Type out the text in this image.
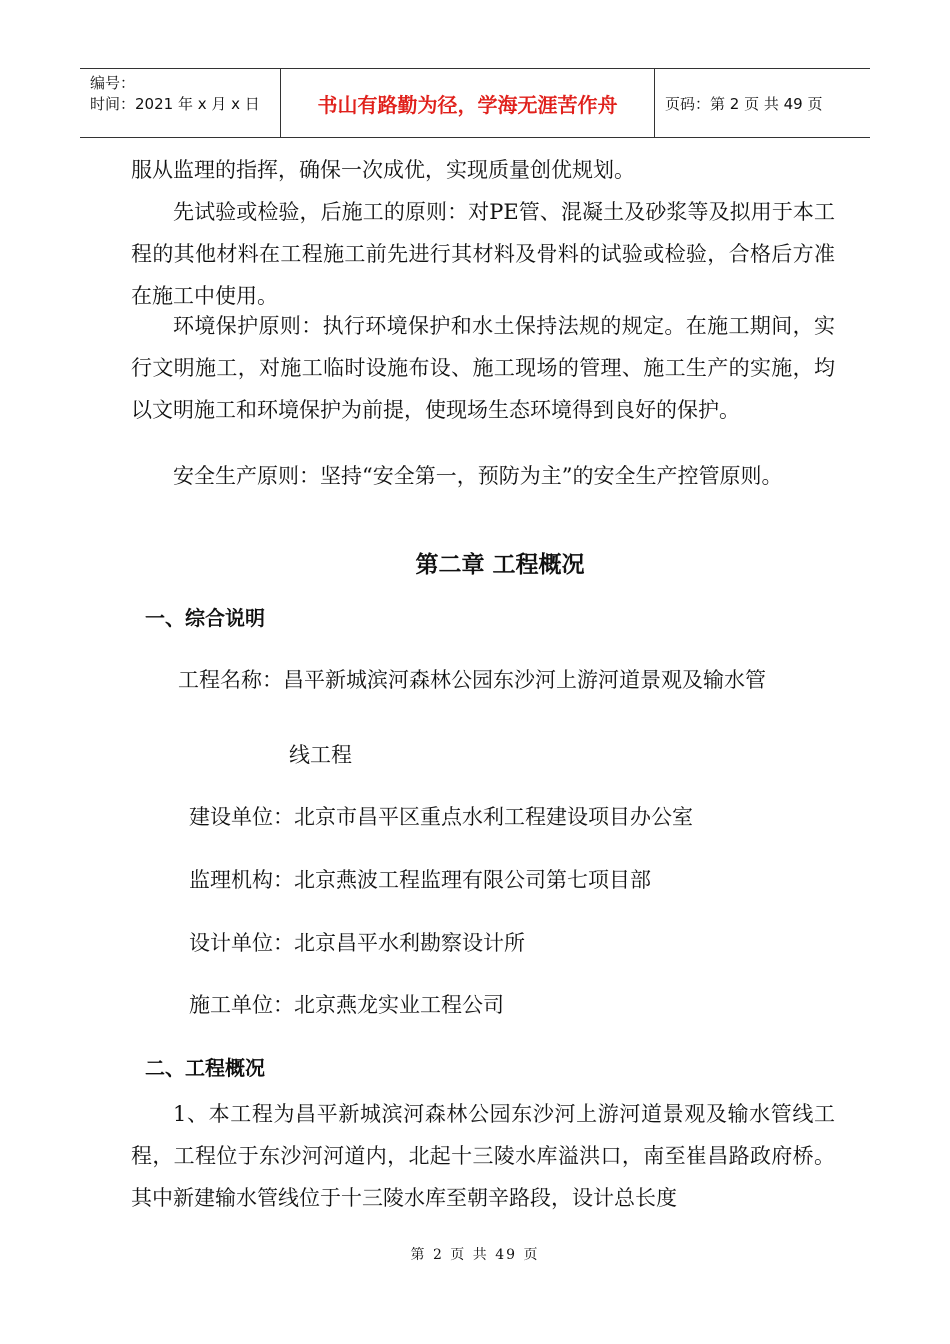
编号：
时间：2021 年 x 月 x 日	书山有路勤为径，学海无涯苦作舟	页码：第 2 页 共 49 页
服从监理的指挥，确保一次成优，实现质量创优规划。
先试验或检验，后施工的原则：对PE管、混凝土及砂浆等及拟用于本工程的其他材料在工程施工前先进行其材料及骨料的试验或检验，合格后方准在施工中使用。
环境保护原则：执行环境保护和水土保持法规的规定。在施工期间，实行文明施工，对施工临时设施布设、施工现场的管理、施工生产的实施，均以文明施工和环境保护为前提，使现场生态环境得到良好的保护。
安全生产原则：坚持“安全第一，预防为主”的安全生产控管原则。
第二章 工程概况
一、综合说明
工程名称：昌平新城滨河森林公园东沙河上游河道景观及输水管
线工程
建设单位：北京市昌平区重点水利工程建设项目办公室
监理机构：北京燕波工程监理有限公司第七项目部
设计单位：北京昌平水利勘察设计所
施工单位：北京燕龙实业工程公司
二、工程概况
1、本工程为昌平新城滨河森林公园东沙河上游河道景观及输水管线工程，工程位于东沙河河道内，北起十三陵水库溢洪口，南至崔昌路政府桥。其中新建输水管线位于十三陵水库至朝辛路段，设计总长度
第 2 页 共 49 页
